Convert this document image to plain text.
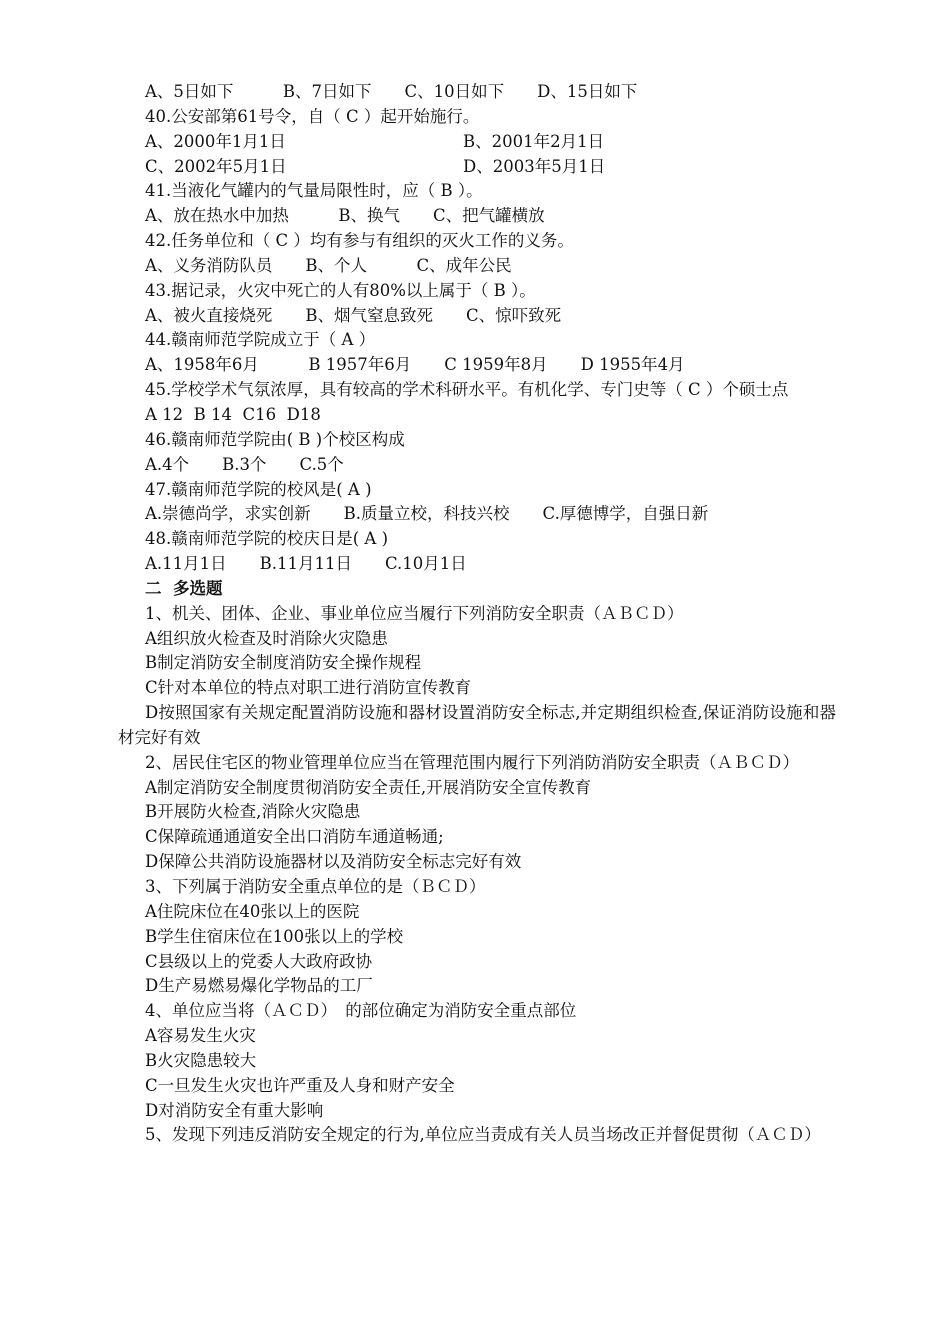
A、5日如下　　　B、7日如下　　C、10日如下　　D、15日如下
40.公安部第61号令，自（ C ）起开始施行。
A、2000年1月1日	B、2001年2月1日
C、2002年5月1日	D、2003年5月1日
41.当液化气罐内的气量局限性时，应（ B ）。
A、放在热水中加热　　　B、换气　　C、把气罐横放
42.任务单位和（ C ）均有参与有组织的灭火工作的义务。
A、义务消防队员　　B、个人　　　C、成年公民
43.据记录，火灾中死亡的人有80%以上属于（ B ）。
A、被火直接烧死　　B、烟气窒息致死　　C、惊吓致死
44.赣南师范学院成立于（ A ）
A、1958年6月　　　B 1957年6月　　C 1959年8月　　D 1955年4月
45.学校学术气氛浓厚，具有较高的学术科研水平。有机化学、专门史等（ C ）个硕士点
A 12  B 14  C16  D18
46.赣南师范学院由( B )个校区构成
A.4个　　B.3个　　C.5个
47.赣南师范学院的校风是( A )
A.崇德尚学，求实创新　　B.质量立校，科技兴校　　C.厚德博学，自强日新
48.赣南师范学院的校庆日是( A )
A.11月1日　　B.11月11日　　C.10月1日
二  多选题
1、机关、团体、企业、事业单位应当履行下列消防安全职责（ＡＢＣＤ）
A组织放火检查及时消除火灾隐患
B制定消防安全制度消防安全操作规程
C针对本单位的特点对职工进行消防宣传教育
D按照国家有关规定配置消防设施和器材设置消防安全标志,并定期组织检查,保证消防设施和器材完好有效
2、居民住宅区的物业管理单位应当在管理范围内履行下列消防消防安全职责（ＡＢＣＤ）
A制定消防安全制度贯彻消防安全责任,开展消防安全宣传教育
B开展防火检查,消除火灾隐患
C保障疏通通道安全出口消防车通道畅通;
D保障公共消防设施器材以及消防安全标志完好有效
3、下列属于消防安全重点单位的是（ＢＣＤ）
A住院床位在40张以上的医院
B学生住宿床位在100张以上的学校
C县级以上的党委人大政府政协
D生产易燃易爆化学物品的工厂
4、单位应当将（ＡＣＤ）　的部位确定为消防安全重点部位
A容易发生火灾
B火灾隐患较大
C一旦发生火灾也许严重及人身和财产安全
D对消防安全有重大影响
5、发现下列违反消防安全规定的行为,单位应当责成有关人员当场改正并督促贯彻（ＡＣＤ）
